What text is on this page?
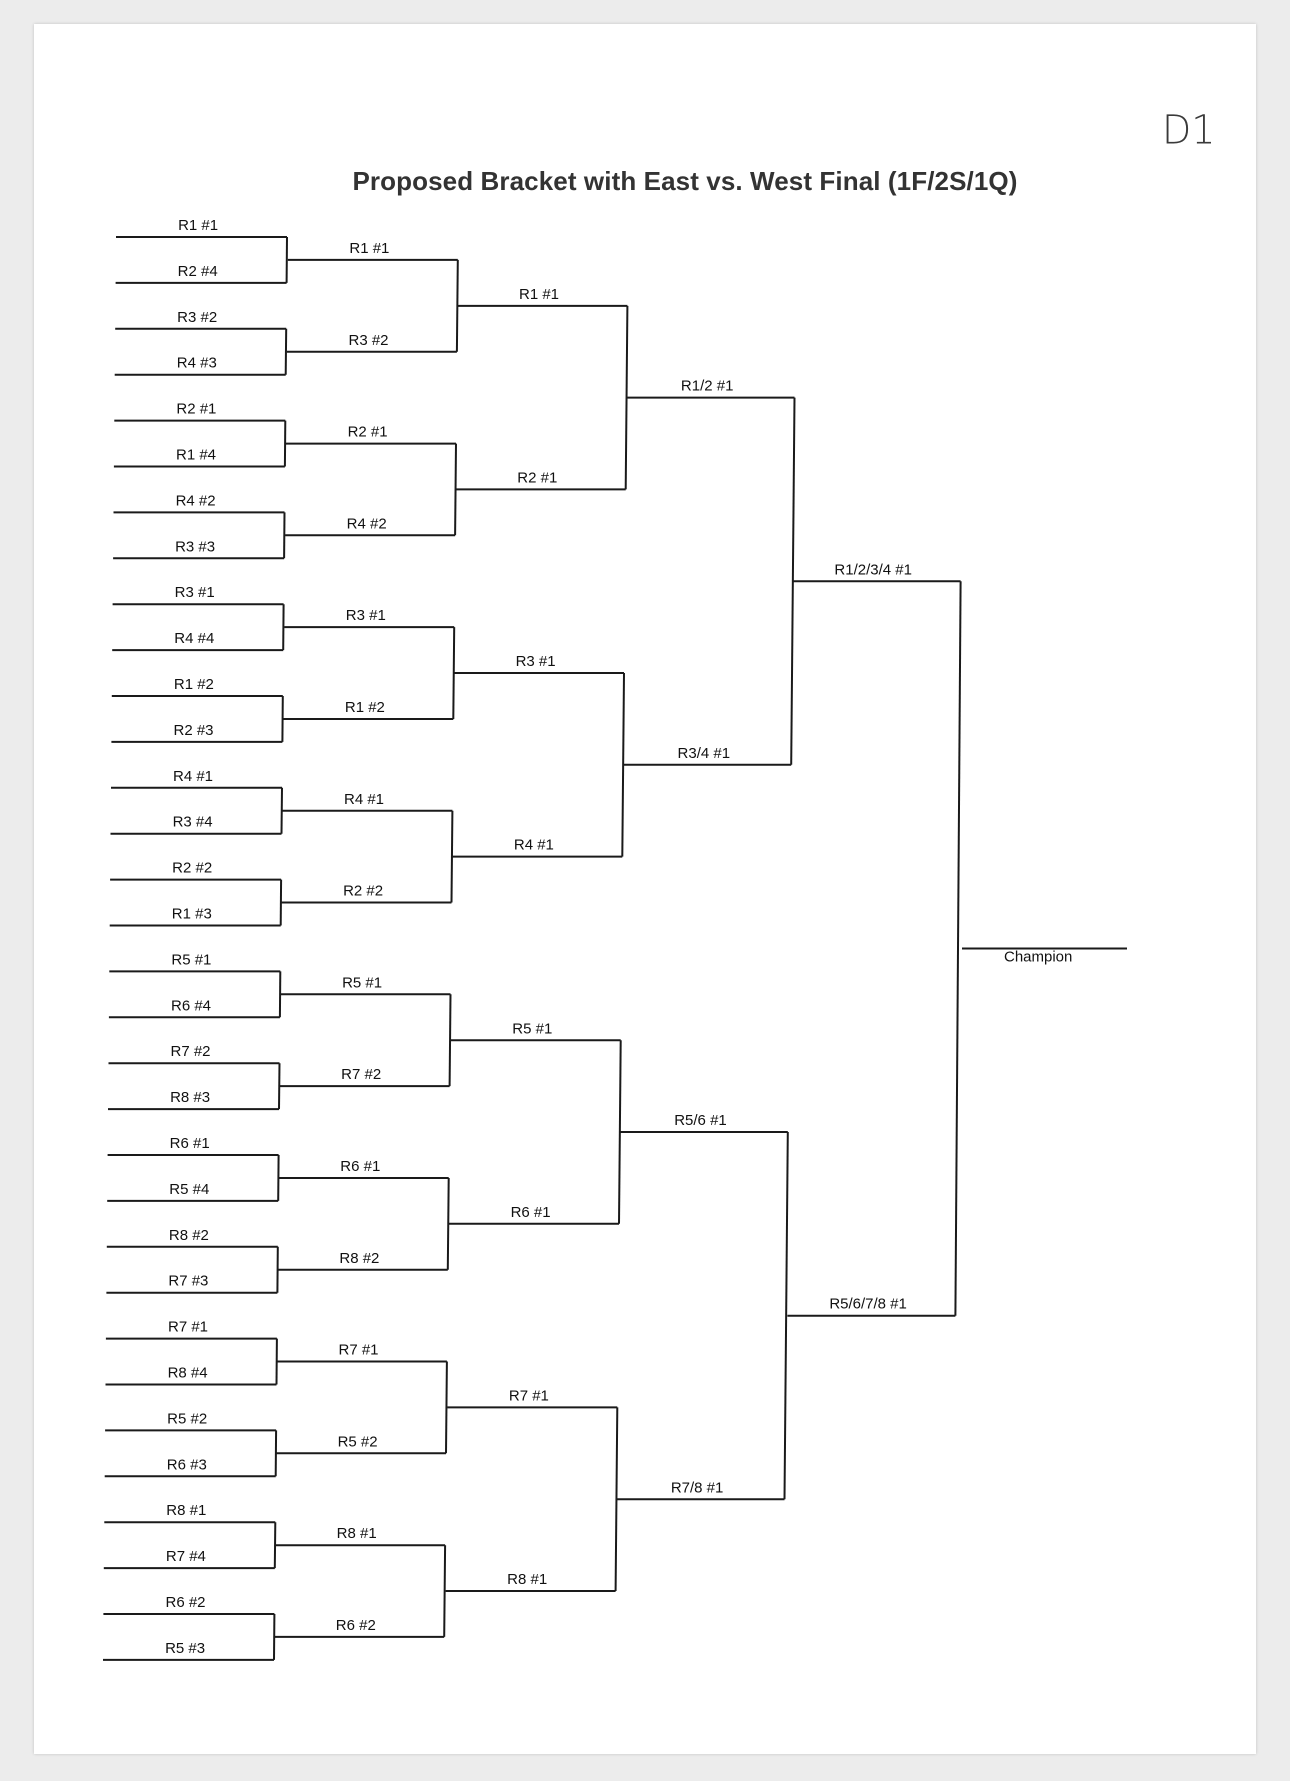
Proposed Bracket with East vs. West Final (1F/2S/1Q)
D1
R1 #1
R2 #4
R3 #2
R4 #3
R2 #1
R1 #4
R4 #2
R3 #3
R3 #1
R4 #4
R1 #2
R2 #3
R4 #1
R3 #4
R2 #2
R1 #3
R5 #1
R6 #4
R7 #2
R8 #3
R6 #1
R5 #4
R8 #2
R7 #3
R7 #1
R8 #4
R5 #2
R6 #3
R8 #1
R7 #4
R6 #2
R5 #3
R1 #1
R3 #2
R2 #1
R4 #2
R3 #1
R1 #2
R4 #1
R2 #2
R5 #1
R7 #2
R6 #1
R8 #2
R7 #1
R5 #2
R8 #1
R6 #2
R1 #1
R2 #1
R3 #1
R4 #1
R5 #1
R6 #1
R7 #1
R8 #1
R1/2 #1
R3/4 #1
R5/6 #1
R7/8 #1
R1/2/3/4 #1
R5/6/7/8 #1
Champion
